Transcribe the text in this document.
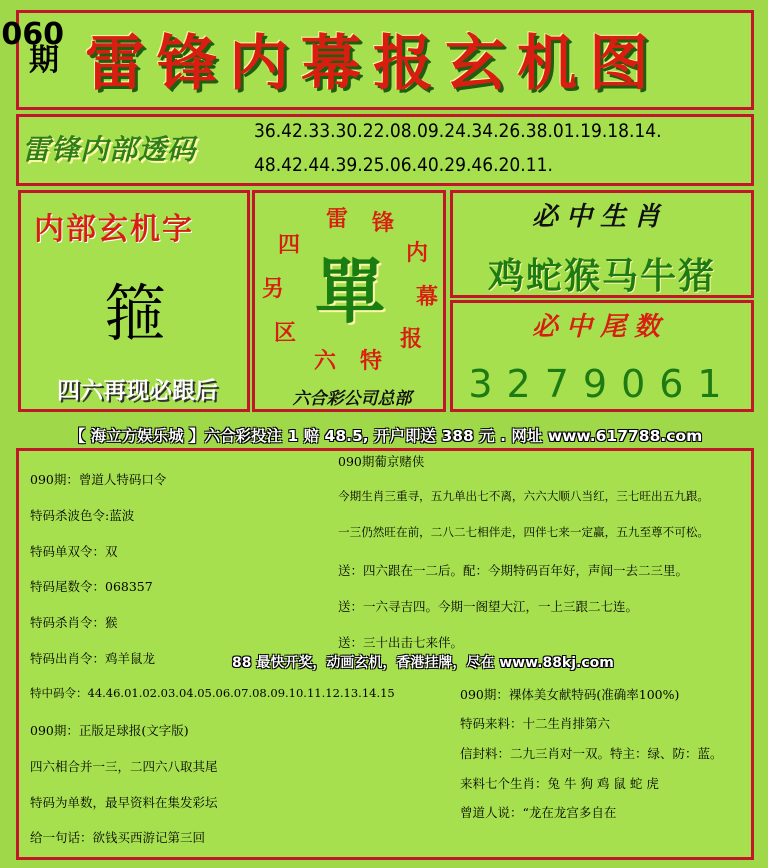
090
期 雷锋内幕报玄机图
雷锋内部透码
36.42.33.30.22.08.09.24.34.26.38.01.19.18.14.
48.42.44.39.25.06.40.29.46.20.11.
内部玄机字
箍
四六再现必跟后
雷 锋
内
幕
报
特
六
区
另
四
單
六合彩公司总部
必中生肖
鸡蛇猴马牛猪
必中尾数
3279061
【 海立方娱乐城 】六合彩投注 1 赔 48.5, 开户即送 388 元 . 网址 www.617788.com
090期：曾道人特码口令
特码杀波色令:蓝波
特码单双令：双
特码尾数令：068357
特码杀肖令：猴
特码出肖令：鸡羊鼠龙
特中码令：44.46.01.02.03.04.05.06.07.08.09.10.11.12.13.14.15
090期：正版足球报(文字版)
四六相合并一三，二四六八取其尾
特码为单数，最早资料在集发彩坛
给一句话：欲钱买西游记第三回
090期葡京赌侠
今期生肖三重寻，五九单出七不离，六六大顺八当红，三七旺出五九跟。
一三仍然旺在前，二八二七相伴走，四伴七来一定赢，五九至尊不可松。
送：四六跟在一二后。配：今期特码百年好，声闻一去二三里。
送：一六寻吉四。今期一阁望大江，一上三跟二七连。
送：三十出击七来伴。
88 最快开奖，动画玄机，香港挂牌，尽在 www.88kj.com
090期：裸体美女献特码(准确率100%)
特码来料：十二生肖排第六
信封料：二九三肖对一双。特主：绿、防：蓝。
来料七个生肖：兔 牛 狗 鸡 鼠 蛇 虎
曾道人说：“龙在龙宫多自在
